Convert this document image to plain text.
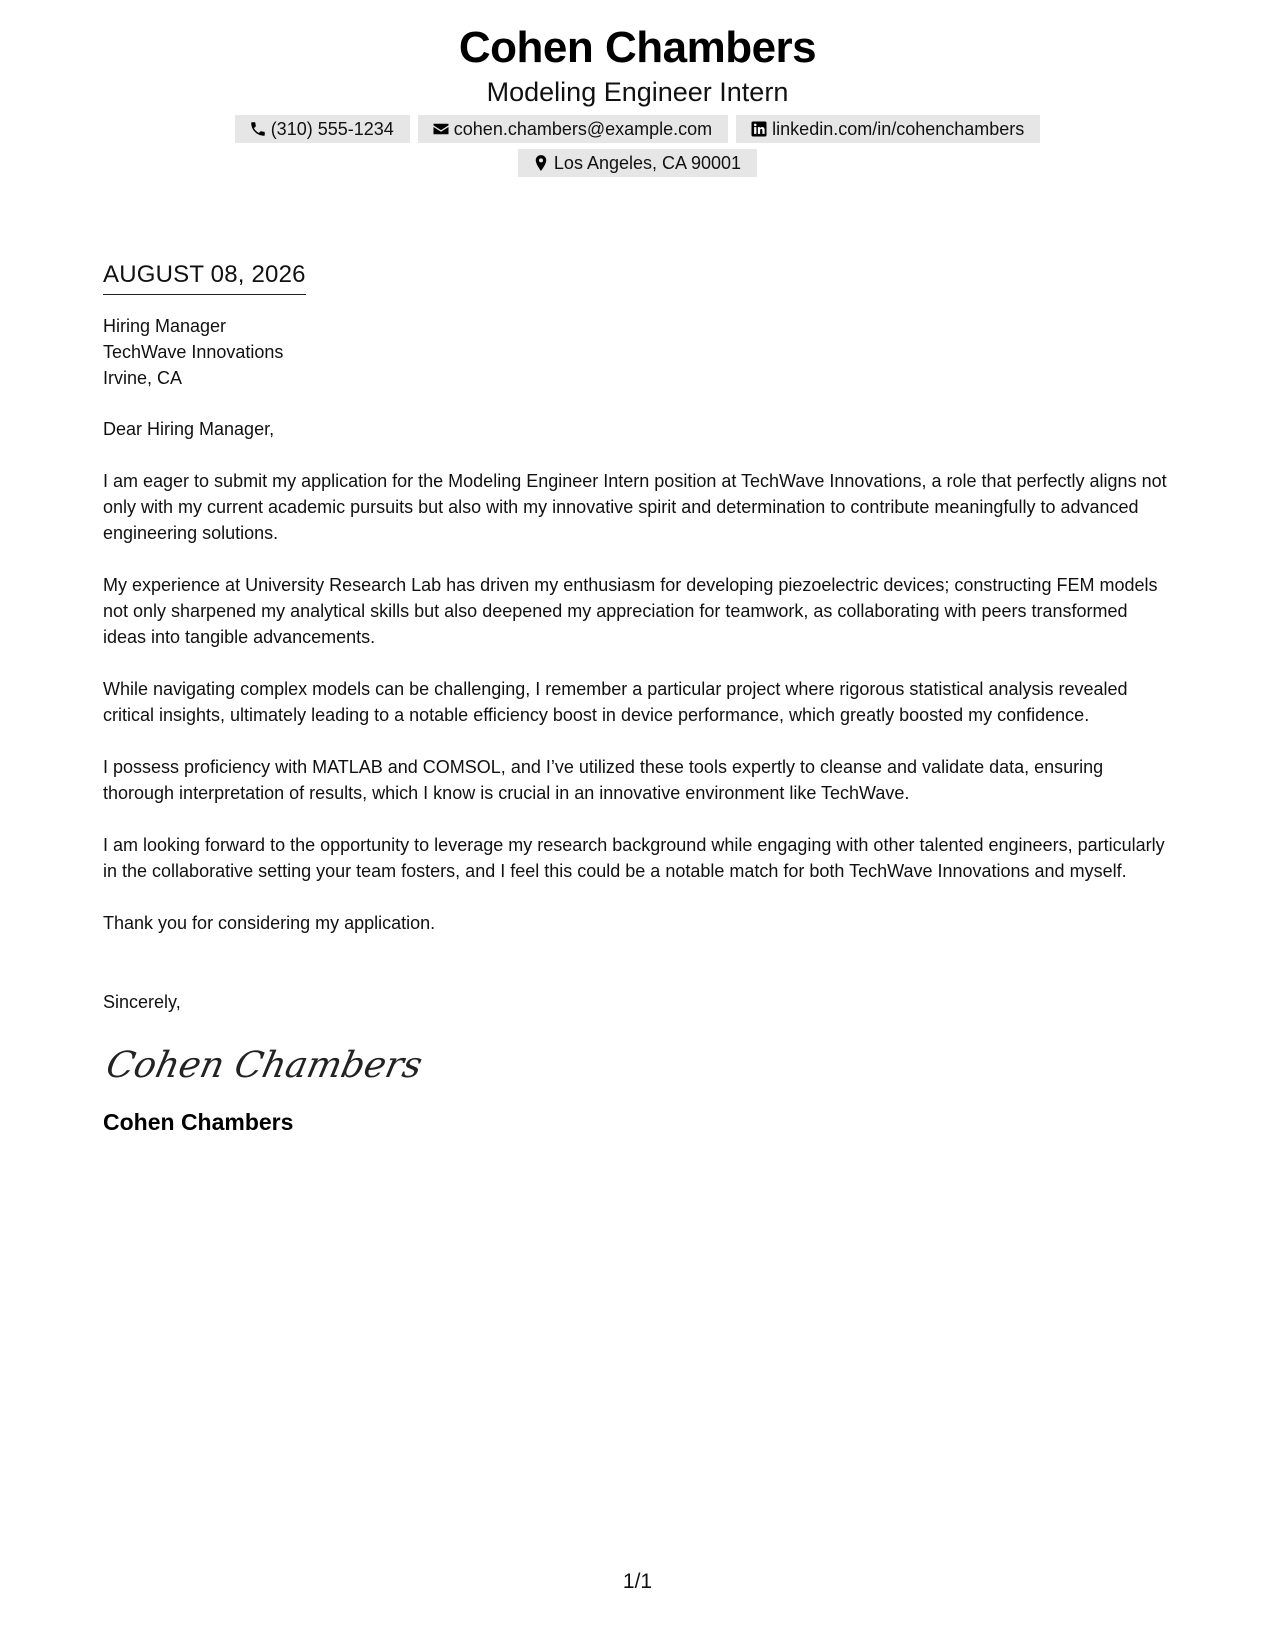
Cohen Chambers
Modeling Engineer Intern
(310) 555-1234	cohen.chambers@example.com	linkedin.com/in/cohenchambers
Los Angeles, CA 90001
AUGUST 08, 2026
Hiring Manager
TechWave Innovations
Irvine, CA
Dear Hiring Manager,

I am eager to submit my application for the Modeling Engineer Intern position at TechWave Innovations, a role that perfectly aligns not only with my current academic pursuits but also with my innovative spirit and determination to contribute meaningfully to advanced engineering solutions.

My experience at University Research Lab has driven my enthusiasm for developing piezoelectric devices; constructing FEM models not only sharpened my analytical skills but also deepened my appreciation for teamwork, as collaborating with peers transformed ideas into tangible advancements.

While navigating complex models can be challenging, I remember a particular project where rigorous statistical analysis revealed critical insights, ultimately leading to a notable efficiency boost in device performance, which greatly boosted my confidence.

I possess proficiency with MATLAB and COMSOL, and I’ve utilized these tools expertly to cleanse and validate data, ensuring thorough interpretation of results, which I know is crucial in an innovative environment like TechWave.

I am looking forward to the opportunity to leverage my research background while engaging with other talented engineers, particularly in the collaborative setting your team fosters, and I feel this could be a notable match for both TechWave Innovations and myself.

Thank you for considering my application.

Sincerely,
Cohen Chambers
Cohen Chambers
1/1
